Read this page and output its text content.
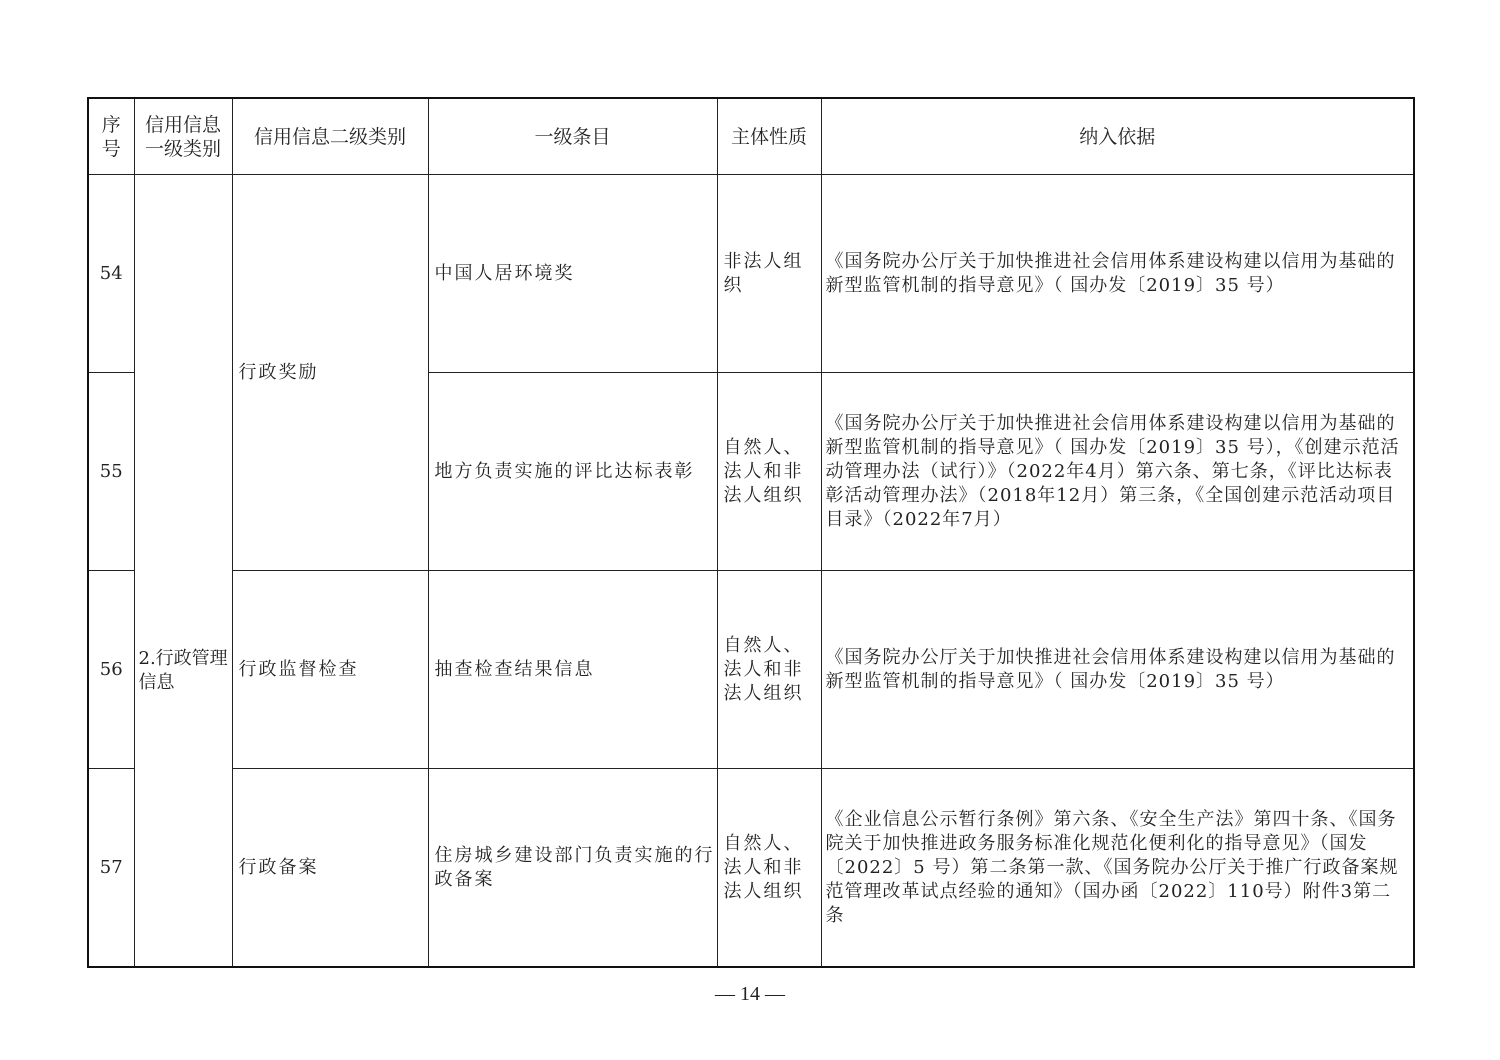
序号	信用信息一级类别	信用信息二级类别	一级条目	主体性质	纳入依据
54	2.行政管理信息	行政奖励	中国人居环境奖	非法人组织	《国务院办公厅关于加快推进社会信用体系建设构建以信用为基础的新型监管机制的指导意见》（ 国办发〔2019〕35 号）
55			地方负责实施的评比达标表彰	自然人、法人和非法人组织	《国务院办公厅关于加快推进社会信用体系建设构建以信用为基础的新型监管机制的指导意见》（ 国办发〔2019〕35 号），《创建示范活动管理办法（试行）》（2022年4月）第六条、第七条，《评比达标表彰活动管理办法》（2018年12月）第三条，《全国创建示范活动项目目录》（2022年7月）
56		行政监督检查	抽查检查结果信息	自然人、法人和非法人组织	《国务院办公厅关于加快推进社会信用体系建设构建以信用为基础的新型监管机制的指导意见》（ 国办发〔2019〕35 号）
57		行政备案	住房城乡建设部门负责实施的行政备案	自然人、法人和非法人组织	《企业信息公示暂行条例》第六条、《安全生产法》第四十条、《国务院关于加快推进政务服务标准化规范化便利化的指导意见》（国发〔2022〕5 号）第二条第一款、《国务院办公厅关于推广行政备案规范管理改革试点经验的通知》（国办函〔2022〕110号）附件3第二条
— 14 —
